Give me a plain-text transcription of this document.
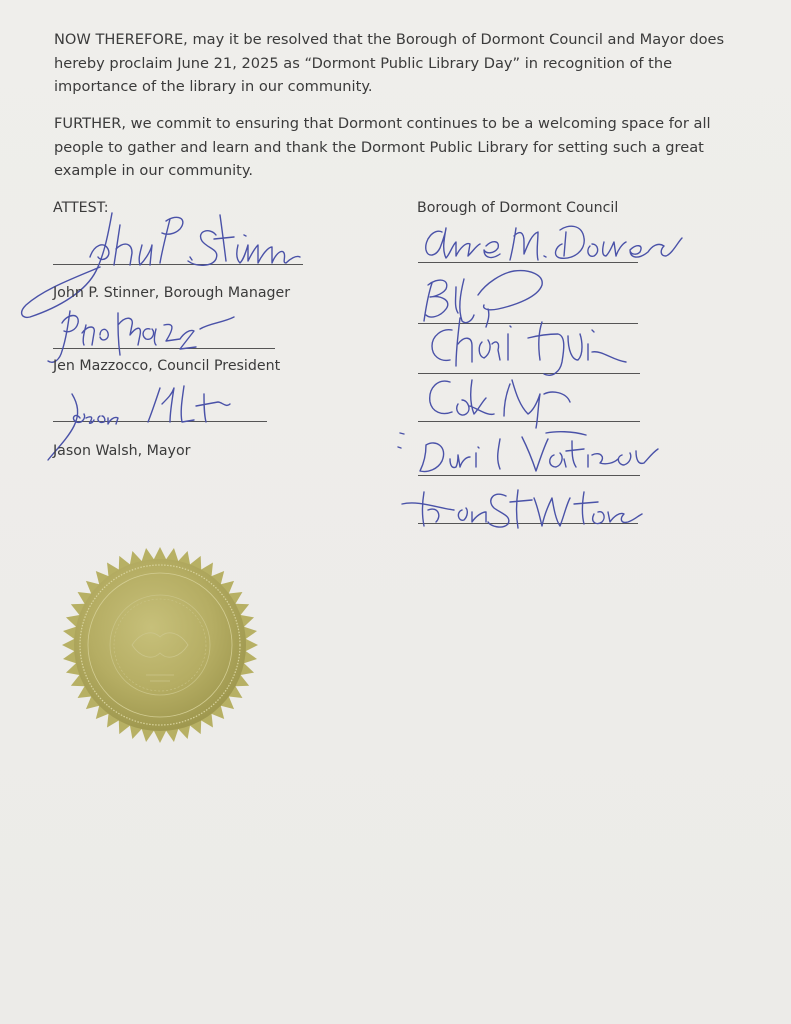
NOW THEREFORE, may it be resolved that the Borough of Dormont Council and Mayor does hereby proclaim June 21, 2025 as “Dormont Public Library Day” in recognition of the importance of the library in our community.

FURTHER, we commit to ensuring that Dormont continues to be a welcoming space for all people to gather and learn and thank the Dormont Public Library for setting such a great example in our community.

ATTEST:
John P. Stinner, Borough Manager
Jen Mazzocco, Council President
Jason Walsh, Mayor
Borough of Dormont Council
